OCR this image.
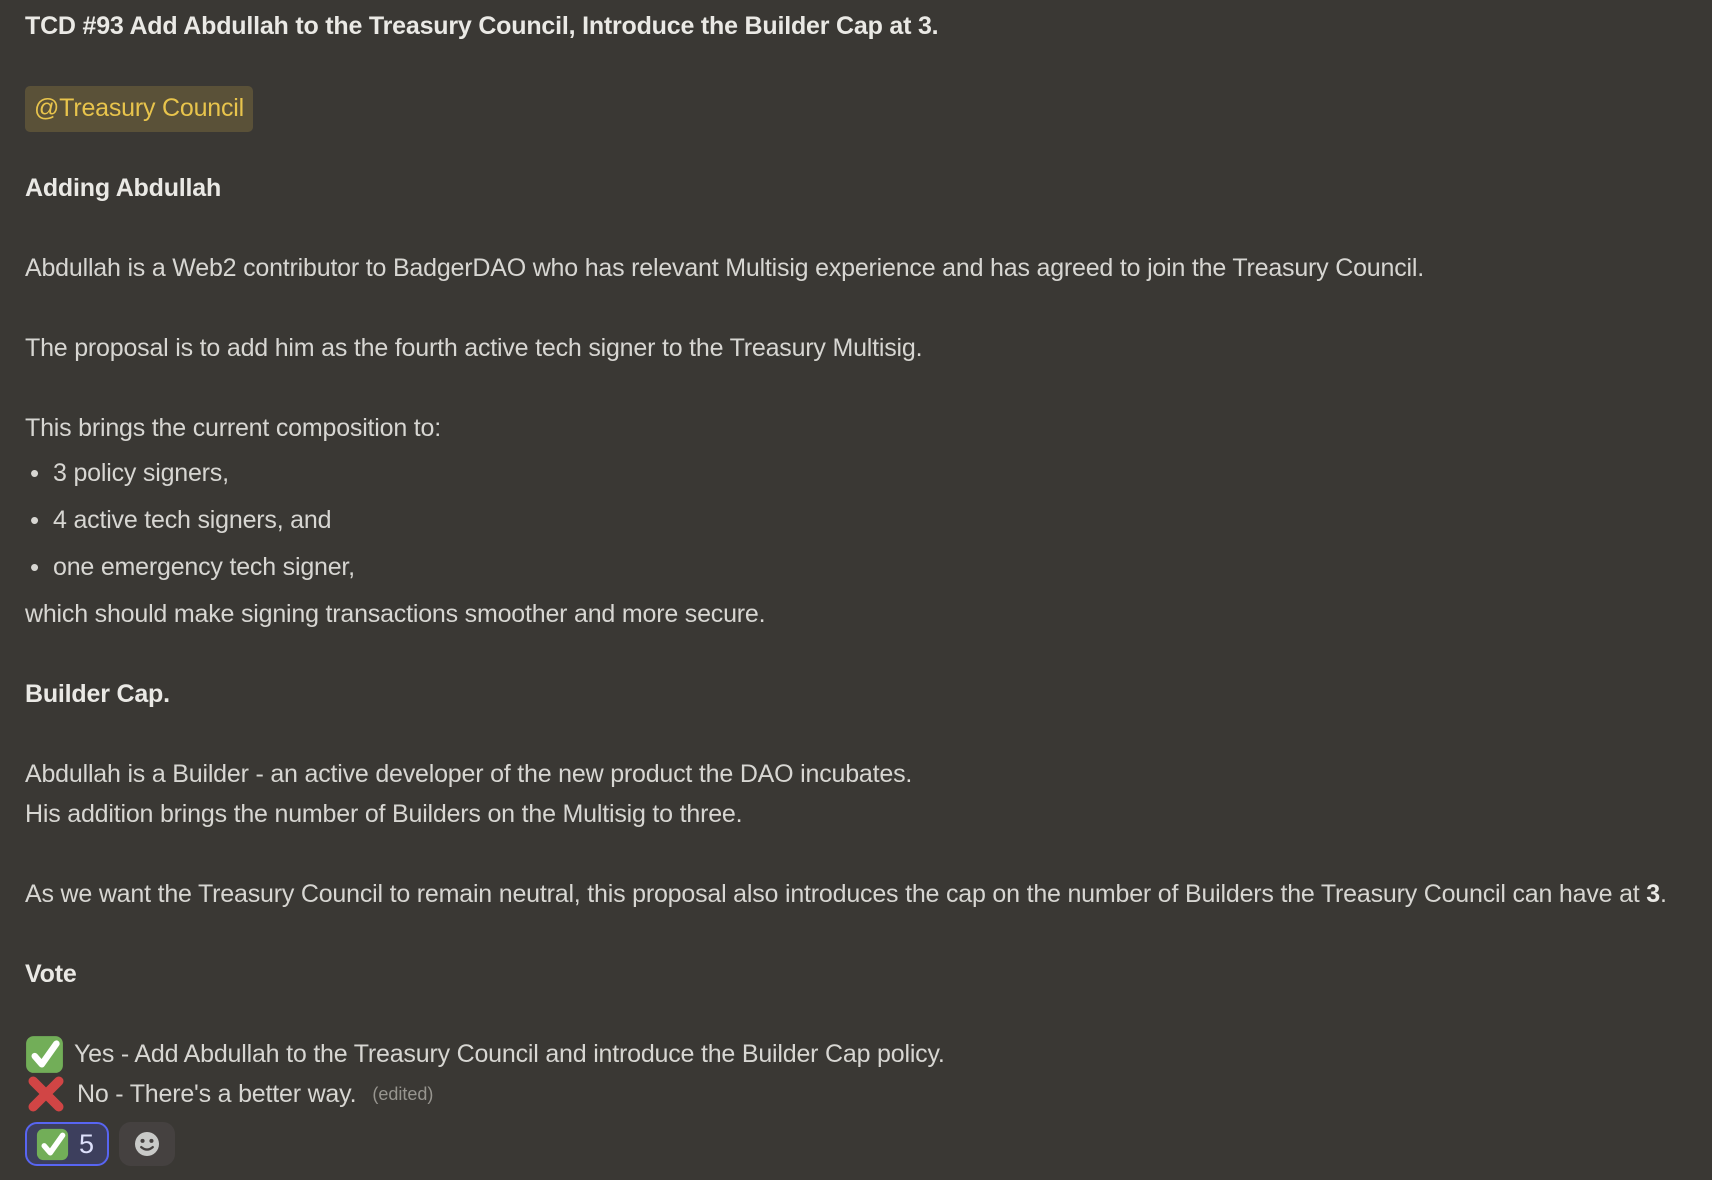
TCD #93 Add Abdullah to the Treasury Council, Introduce the Builder Cap at 3.

@Treasury Council

Adding Abdullah

Abdullah is a Web2 contributor to BadgerDAO who has relevant Multisig experience and has agreed to join the Treasury Council.

The proposal is to add him as the fourth active tech signer to the Treasury Multisig.

This brings the current composition to:

• 3 policy signers,
• 4 active tech signers, and
• one emergency tech signer,

which should make signing transactions smoother and more secure.

Builder Cap.

Abdullah is a Builder - an active developer of the new product the DAO incubates.
His addition brings the number of Builders on the Multisig to three.

As we want the Treasury Council to remain neutral, this proposal also introduces the cap on the number of Builders the Treasury Council can have at 3.

Vote

Yes - Add Abdullah to the Treasury Council and introduce the Builder Cap policy.
No - There's a better way. (edited)
5
